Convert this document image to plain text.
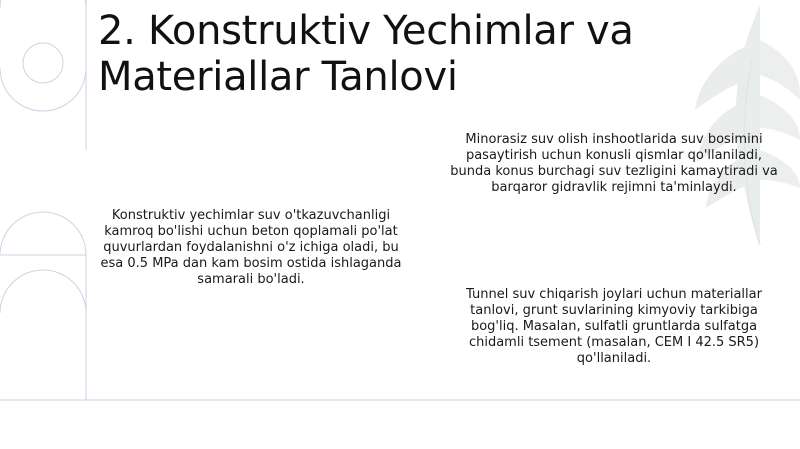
2. Konstruktiv Yechimlar va Materiallar Tanlovi

Konstruktiv yechimlar suv o'tkazuvchanligi kamroq bo'lishi uchun beton qoplamali po'lat quvurlardan foydalanishni o'z ichiga oladi, bu esa 0.5 MPa dan kam bosim ostida ishlaganda samarali bo'ladi.

Minorasiz suv olish inshootlarida suv bosimini pasaytirish uchun konusli qismlar qo'llaniladi, bunda konus burchagi suv tezligini kamaytiradi va barqaror gidravlik rejimni ta'minlaydi.

Tunnel suv chiqarish joylari uchun materiallar tanlovi, grunt suvlarining kimyoviy tarkibiga bog'liq. Masalan, sulfatli gruntlarda sulfatga chidamli tsement (masalan, CEM I 42.5 SR5) qo'llaniladi.
